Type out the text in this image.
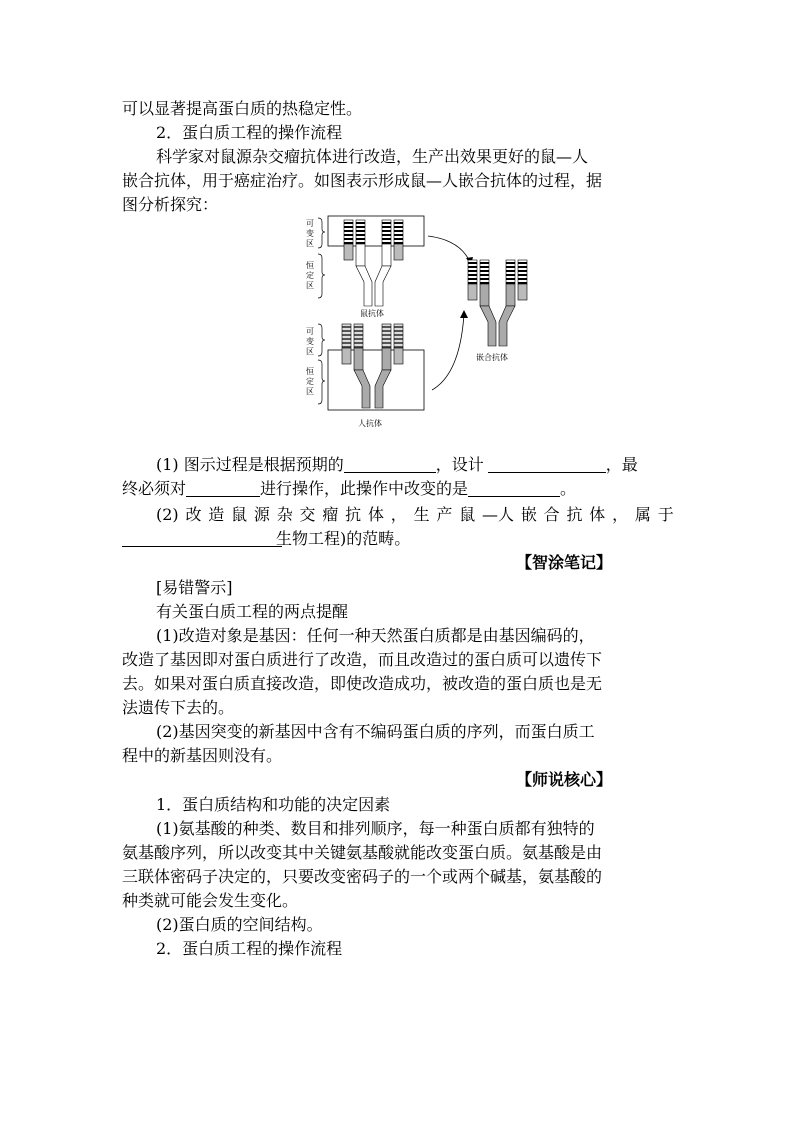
可以显著提高蛋白质的热稳定性。
2．蛋白质工程的操作流程
科学家对鼠源杂交瘤抗体进行改造，生产出效果更好的鼠—人
嵌合抗体，用于癌症治疗。如图表示形成鼠—人嵌合抗体的过程，据
图分析探究：
可
变
区
恒
定
区
鼠抗体
可
变
区
恒
定
区
人抗体
嵌合抗体
(1) 图示过程是根据预期的	，设计	，最
终必须对	进行操作，此操作中改变的是	。
(2) 改 造 鼠 源 杂 交 瘤 抗 体 ， 生 产 鼠 —人 嵌 合 抗 体 ， 属 于
生物工程)的范畴。
【智涂笔记】
[易错警示]
有关蛋白质工程的两点提醒
(1)改造对象是基因：任何一种天然蛋白质都是由基因编码的，
改造了基因即对蛋白质进行了改造，而且改造过的蛋白质可以遗传下
去。如果对蛋白质直接改造，即使改造成功，被改造的蛋白质也是无
法遗传下去的。
(2)基因突变的新基因中含有不编码蛋白质的序列，而蛋白质工
程中的新基因则没有。
【师说核心】
1．蛋白质结构和功能的决定因素
(1)氨基酸的种类、数目和排列顺序，每一种蛋白质都有独特的
氨基酸序列，所以改变其中关键氨基酸就能改变蛋白质。氨基酸是由
三联体密码子决定的，只要改变密码子的一个或两个碱基，氨基酸的
种类就可能会发生变化。
(2)蛋白质的空间结构。
2．蛋白质工程的操作流程
